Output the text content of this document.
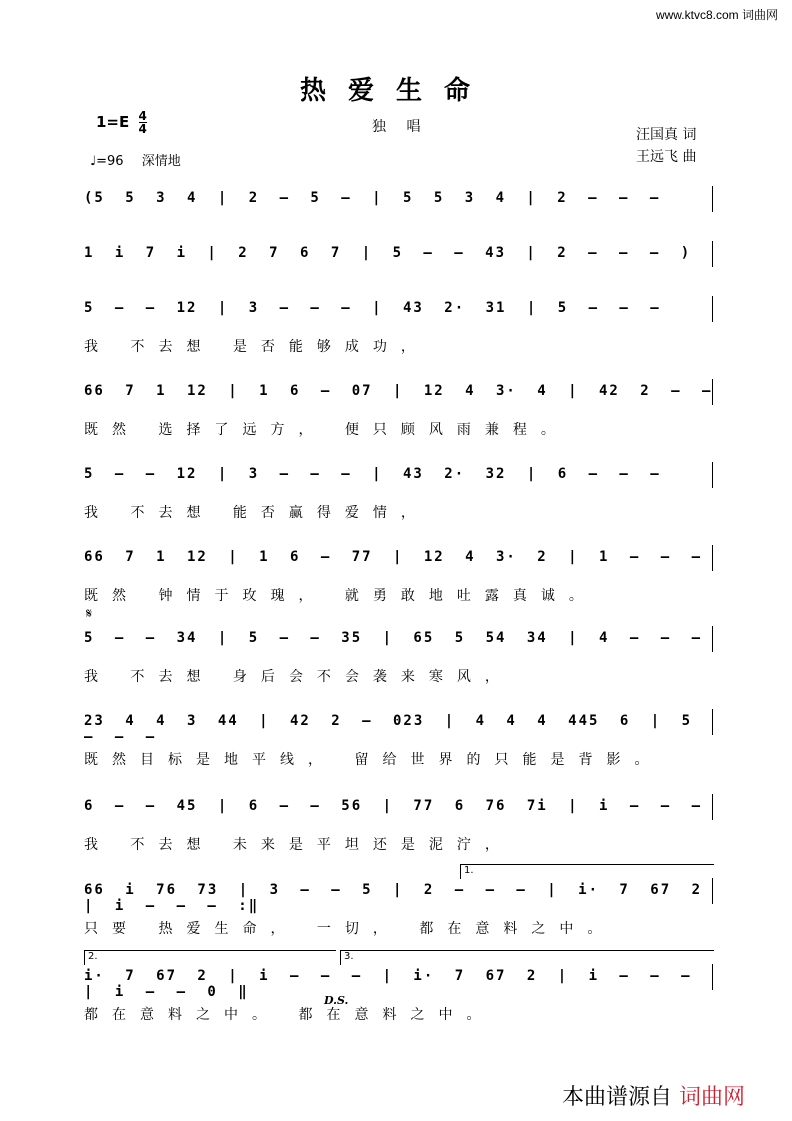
www.ktvc8.com 词曲网
热爱生命
$1=E \frac{4}{4}$	独 唱	汪国真 词
王远飞 曲
♩=96 深情地
(5 5 3 4 | 2 – 5 – | 5 5 3 4 | 2 – – –
1 i 7 i | 2 7 6 7 | 5 – – 43 | 2 – – – )
5 – – 12 | 3 – – – | 43 2· 31 | 5 – – –
我 不去想 是否能够成功，
66 7 1 12 | 1 6 – 07 | 12 4 3· 4 | 42 2 – –
既然 选择了远方， 便只顾风雨兼程。
5 – – 12 | 3 – – – | 43 2· 32 | 6 – – –
我 不去想 能否赢得爱情，
66 7 1 12 | 1 6 – 77 | 12 4 3· 2 | 1 – – –
既然 钟情于玫瑰， 就勇敢地吐露真诚。
5 – – 34 | 5 – – 35 | 65 5 54 34 | 4 – – –
我 不去想 身后会不会袭来寒风，
𝄋
23 4 4 3 44 | 42 2 – 023 | 4 4 4 445 6 | 5 – – –
既然目标是地平线， 留给世界的只能是背影。
6 – – 45 | 6 – – 56 | 77 6 76 7i | i – – –
我 不去想 未来是平坦还是泥泞，
66 i 76 73 | 3 – – 5 | 2 – – – | i· 7 67 2 | i – – – :‖
只要 热爱生命， 一切， 都在意料之中。
1.
i· 7 67 2 | i – – – | i· 7 67 2 | i – – – | i – – 0 ‖
都在意料之中。 都在意料之中。
2.	3.
D.S.
本曲谱源自 词曲网
